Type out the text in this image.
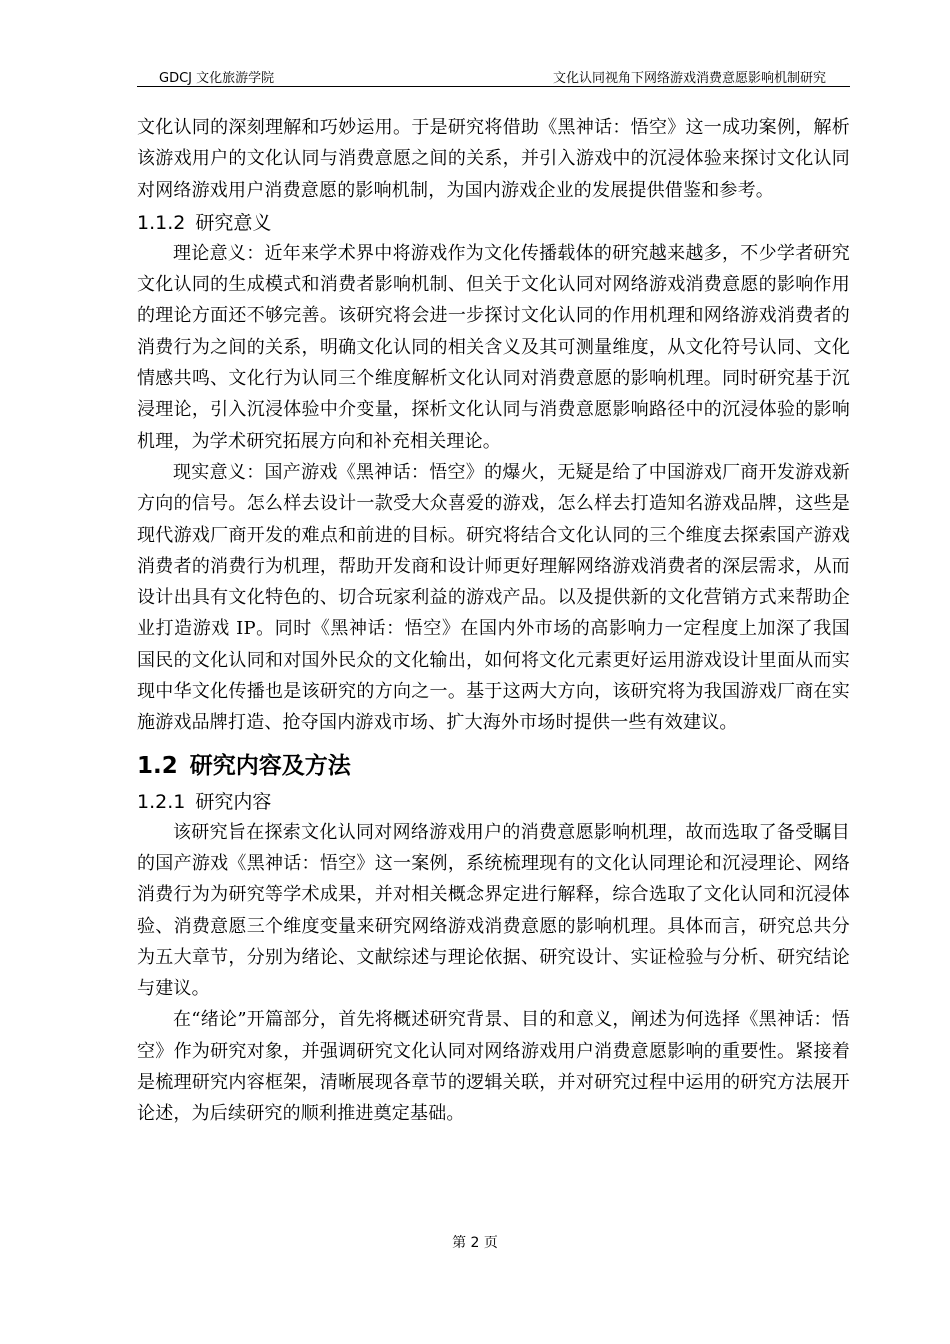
GDCJ 文化旅游学院	文化认同视角下网络游戏消费意愿影响机制研究

文化认同的深刻理解和巧妙运用。于是研究将借助《黑神话：悟空》这一成功案例，解析该游戏用户的文化认同与消费意愿之间的关系，并引入游戏中的沉浸体验来探讨文化认同对网络游戏用户消费意愿的影响机制，为国内游戏企业的发展提供借鉴和参考。

1.1.2 研究意义

理论意义：近年来学术界中将游戏作为文化传播载体的研究越来越多，不少学者研究文化认同的生成模式和消费者影响机制、但关于文化认同对网络游戏消费意愿的影响作用的理论方面还不够完善。该研究将会进一步探讨文化认同的作用机理和网络游戏消费者的消费行为之间的关系，明确文化认同的相关含义及其可测量维度，从文化符号认同、文化情感共鸣、文化行为认同三个维度解析文化认同对消费意愿的影响机理。同时研究基于沉浸理论，引入沉浸体验中介变量，探析文化认同与消费意愿影响路径中的沉浸体验的影响机理，为学术研究拓展方向和补充相关理论。

现实意义：国产游戏《黑神话：悟空》的爆火，无疑是给了中国游戏厂商开发游戏新方向的信号。怎么样去设计一款受大众喜爱的游戏，怎么样去打造知名游戏品牌，这些是现代游戏厂商开发的难点和前进的目标。研究将结合文化认同的三个维度去探索国产游戏消费者的消费行为机理，帮助开发商和设计师更好理解网络游戏消费者的深层需求，从而设计出具有文化特色的、切合玩家利益的游戏产品。以及提供新的文化营销方式来帮助企业打造游戏 IP。同时《黑神话：悟空》在国内外市场的高影响力一定程度上加深了我国国民的文化认同和对国外民众的文化输出，如何将文化元素更好运用游戏设计里面从而实现中华文化传播也是该研究的方向之一。基于这两大方向，该研究将为我国游戏厂商在实施游戏品牌打造、抢夺国内游戏市场、扩大海外市场时提供一些有效建议。

1.2 研究内容及方法
1.2.1 研究内容

该研究旨在探索文化认同对网络游戏用户的消费意愿影响机理，故而选取了备受瞩目的国产游戏《黑神话：悟空》这一案例，系统梳理现有的文化认同理论和沉浸理论、网络消费行为为研究等学术成果，并对相关概念界定进行解释，综合选取了文化认同和沉浸体验、消费意愿三个维度变量来研究网络游戏消费意愿的影响机理。具体而言，研究总共分为五大章节，分别为绪论、文献综述与理论依据、研究设计、实证检验与分析、研究结论与建议。

在“绪论”开篇部分，首先将概述研究背景、目的和意义，阐述为何选择《黑神话：悟空》作为研究对象，并强调研究文化认同对网络游戏用户消费意愿影响的重要性。紧接着是梳理研究内容框架，清晰展现各章节的逻辑关联，并对研究过程中运用的研究方法展开论述，为后续研究的顺利推进奠定基础。

第 2 页
